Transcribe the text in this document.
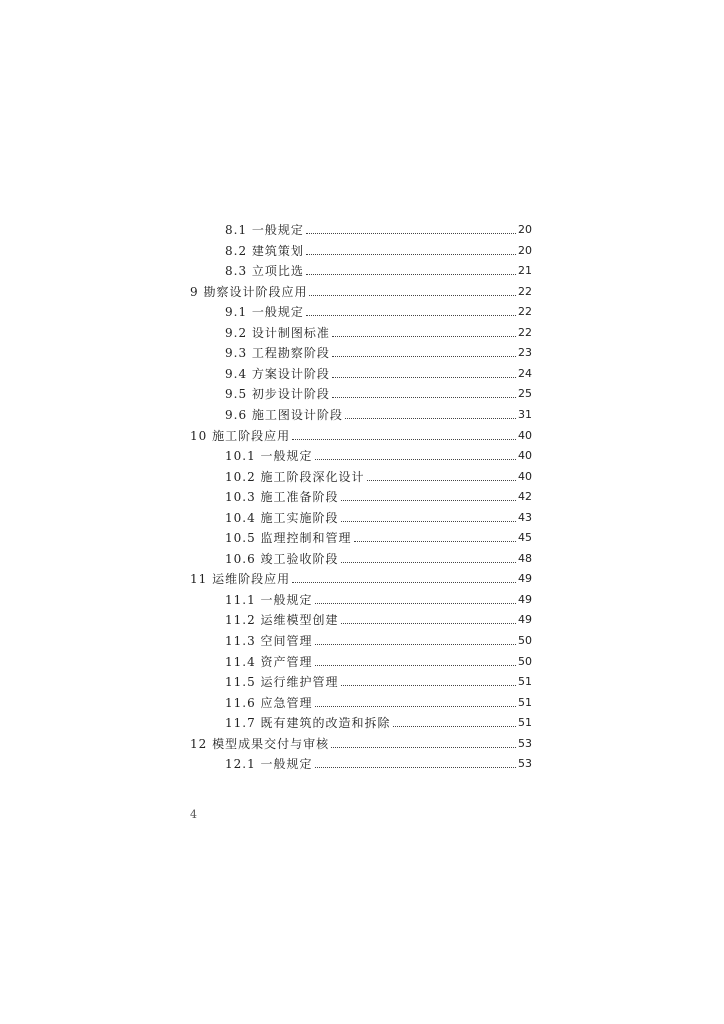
8.1 一般规定	20
8.2 建筑策划	20
8.3 立项比选	21
9 勘察设计阶段应用	22
9.1 一般规定	22
9.2 设计制图标准	22
9.3 工程勘察阶段	23
9.4 方案设计阶段	24
9.5 初步设计阶段	25
9.6 施工图设计阶段	31
10 施工阶段应用	40
10.1 一般规定	40
10.2 施工阶段深化设计	40
10.3 施工准备阶段	42
10.4 施工实施阶段	43
10.5 监理控制和管理	45
10.6 竣工验收阶段	48
11 运维阶段应用	49
11.1 一般规定	49
11.2 运维模型创建	49
11.3 空间管理	50
11.4 资产管理	50
11.5 运行维护管理	51
11.6 应急管理	51
11.7 既有建筑的改造和拆除	51
12 模型成果交付与审核	53
12.1 一般规定	53
4
